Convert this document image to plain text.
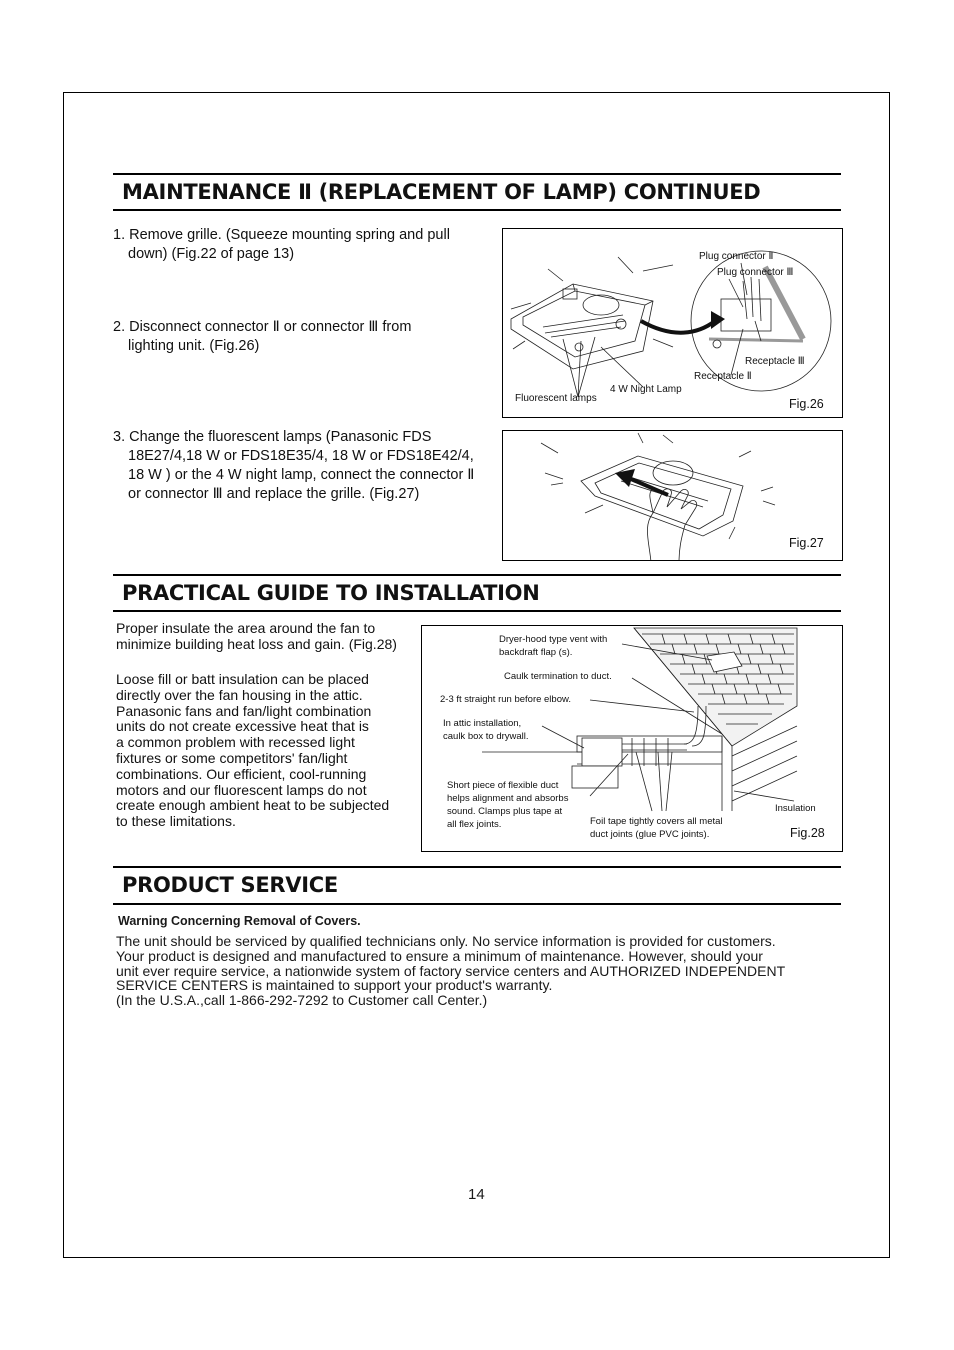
MAINTENANCE Ⅱ (REPLACEMENT OF LAMP) CONTINUED
1. Remove grille. (Squeeze mounting spring and pull
down) (Fig.22 of page 13)
2. Disconnect connector Ⅱ or connector Ⅲ from
lighting unit. (Fig.26)
3. Change the fluorescent lamps (Panasonic FDS
18E27/4,18 W or FDS18E35/4, 18 W or FDS18E42/4,
18 W ) or the 4 W night lamp, connect the connector Ⅱ
or connector Ⅲ and replace the grille. (Fig.27)
Plug connector Ⅱ
Plug connector Ⅲ
Receptacle Ⅲ
Receptacle Ⅱ
4 W Night Lamp
Fluorescent lamps	Fig.26
Fig.27
PRACTICAL GUIDE TO INSTALLATION
Proper insulate the area around the fan to
minimize building heat loss and gain. (Fig.28)
Loose fill or batt insulation can be placed
directly over the fan housing in the attic.
Panasonic fans and fan/light combination
units do not create excessive heat that is
a common problem with recessed light
fixtures or some competitors' fan/light
combinations. Our efficient, cool-running
motors and our fluorescent lamps do not
create enough ambient heat to be subjected
to these limitations.
Dryer-hood type vent with
backdraft flap (s).
Caulk termination to duct.
2-3 ft straight run before elbow.
In attic installation,
caulk box to drywall.
Short piece of flexible duct
helps alignment and absorbs
sound. Clamps plus tape at
all flex joints.	Foil tape tightly covers all metal
duct joints (glue PVC joints).
Insulation
Fig.28
PRODUCT SERVICE
Warning Concerning Removal of Covers.
The unit should be serviced by qualified technicians only. No service information is provided for customers.
Your product is designed and manufactured to ensure a minimum of maintenance. However, should your
unit ever require service, a nationwide system of factory service centers and AUTHORIZED INDEPENDENT
SERVICE CENTERS is maintained to support your product's warranty.
(In the U.S.A.,call 1-866-292-7292 to Customer call Center.)
14
